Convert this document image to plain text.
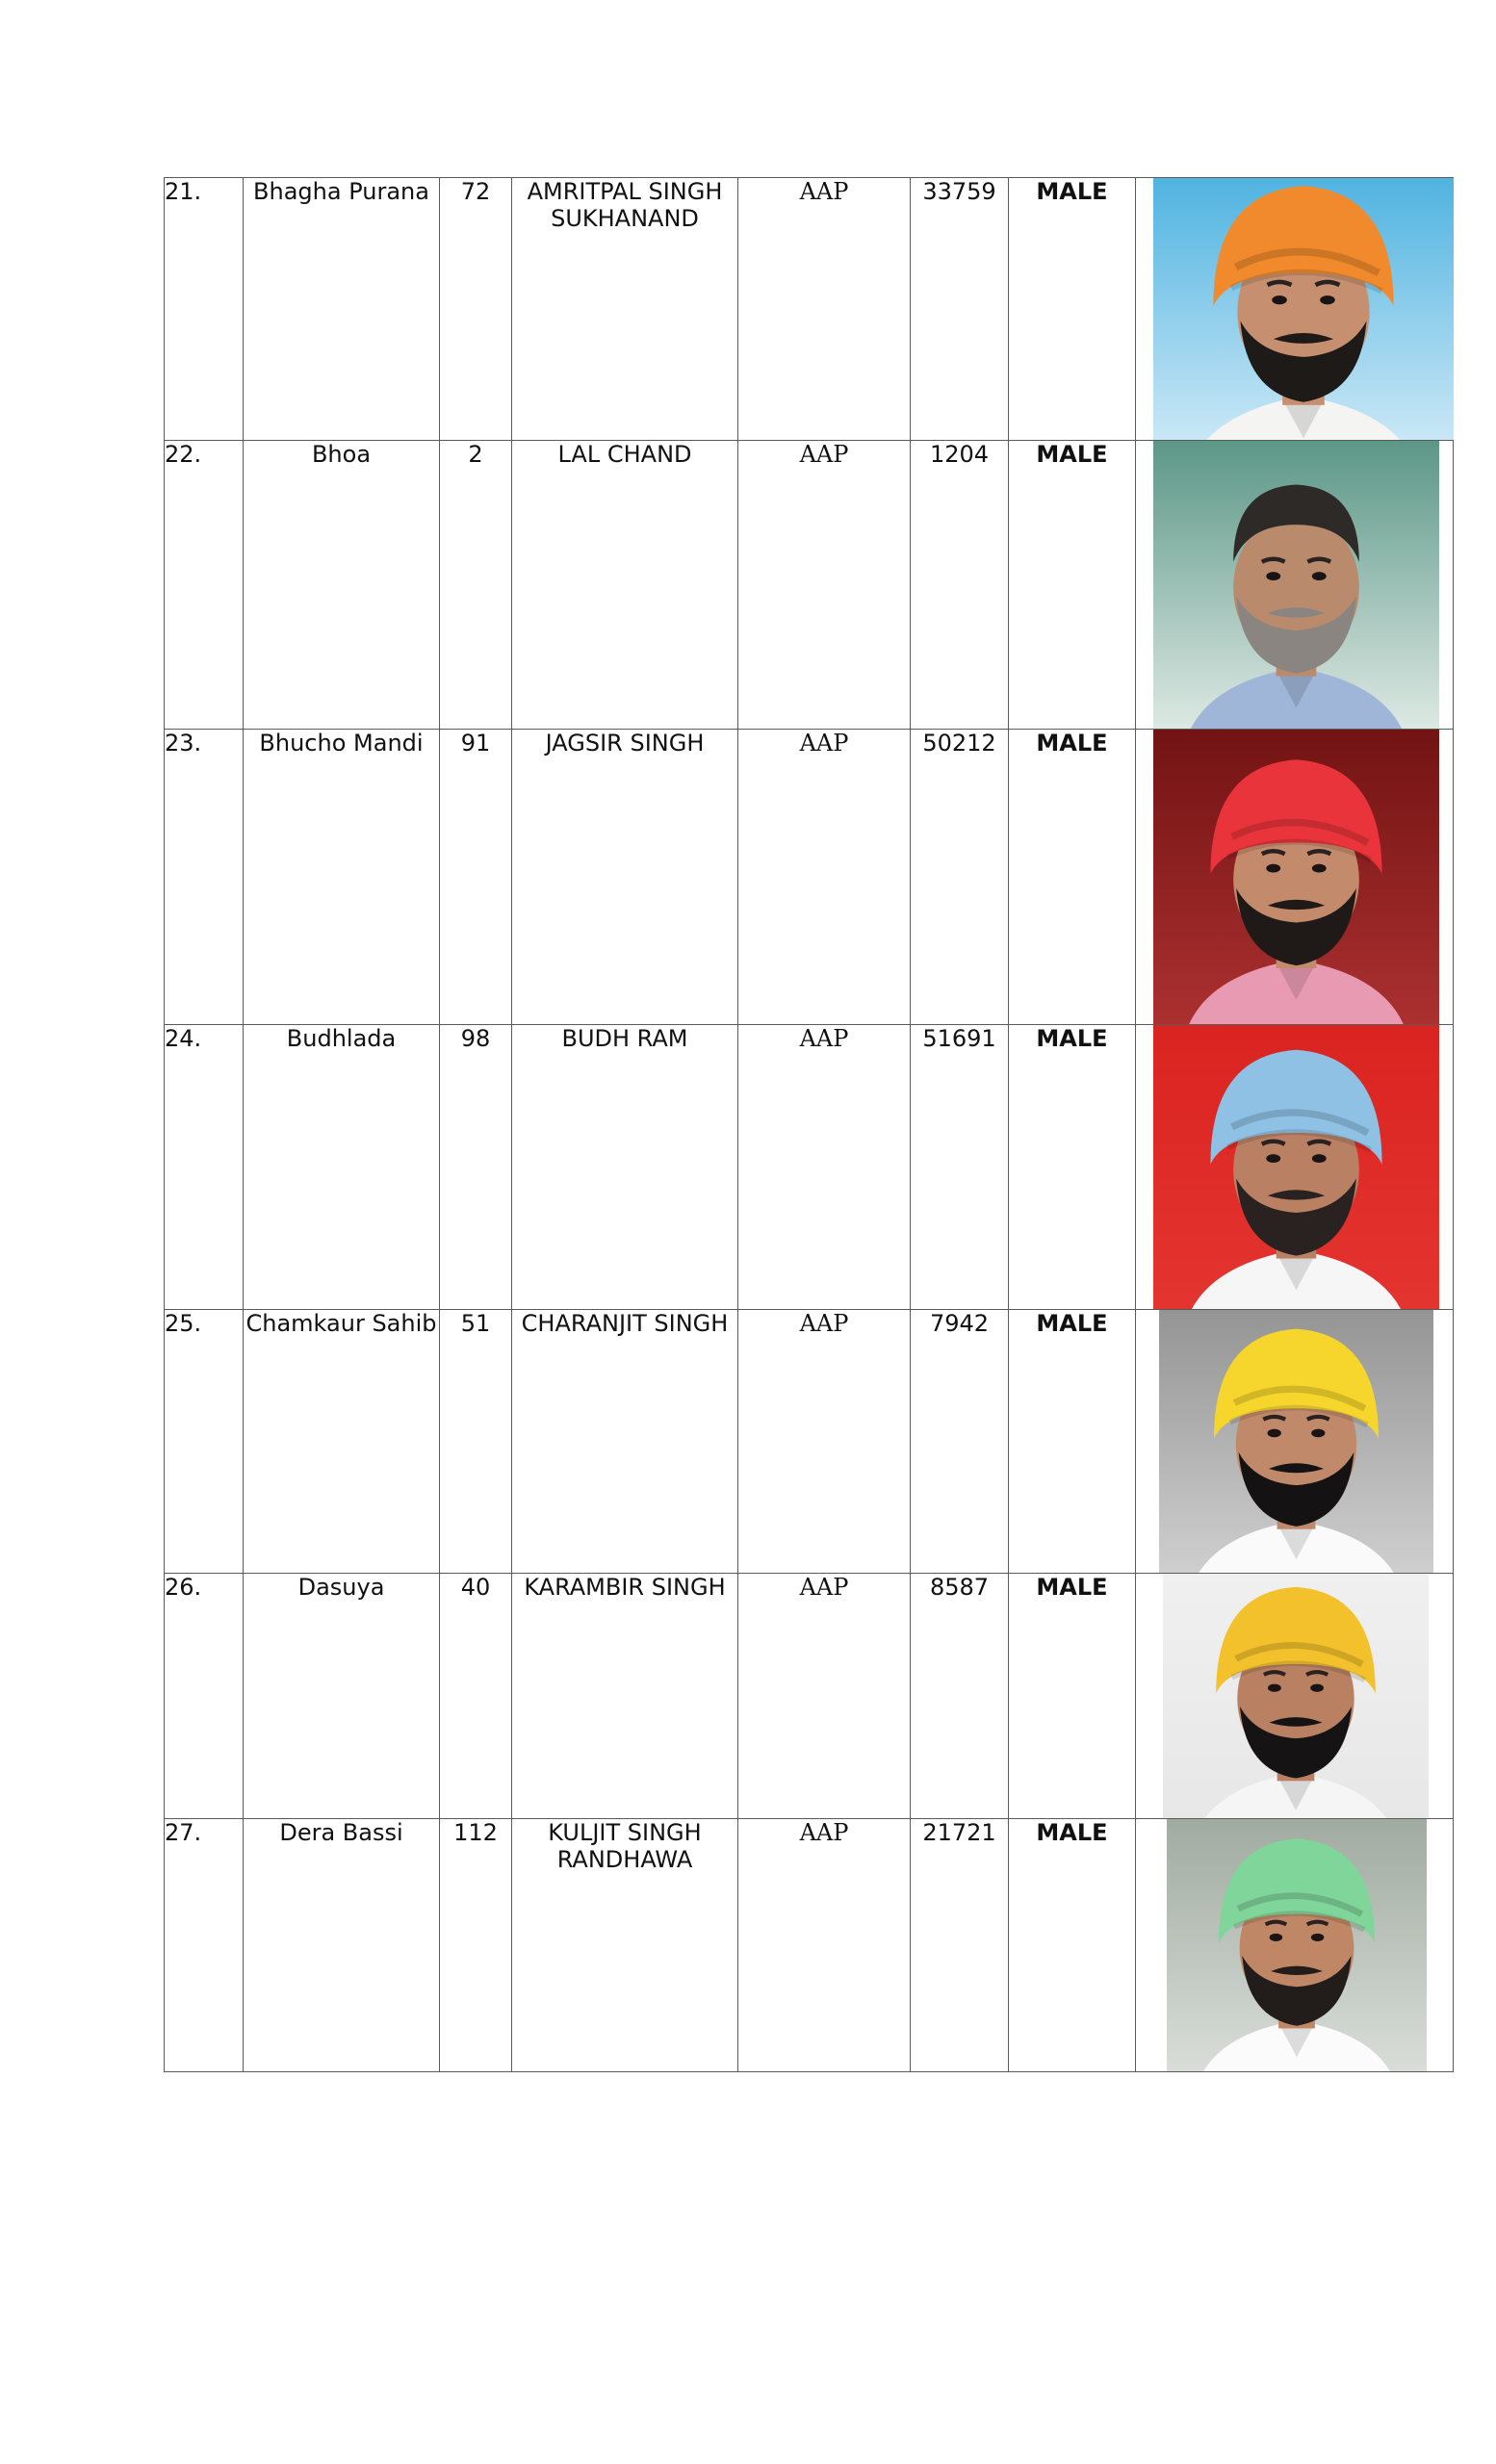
21.	Bhagha Purana	72	AMRITPAL SINGH SUKHANAND	AAP	33759	MALE	

22.	Bhoa	2	LAL CHAND	AAP	1204	MALE	

23.	Bhucho Mandi	91	JAGSIR SINGH	AAP	50212	MALE	

24.	Budhlada	98	BUDH RAM	AAP	51691	MALE	

25.	Chamkaur Sahib	51	CHARANJIT SINGH	AAP	7942	MALE	

26.	Dasuya	40	KARAMBIR SINGH	AAP	8587	MALE	

27.	Dera Bassi	112	KULJIT SINGH RANDHAWA	AAP	21721	MALE	
